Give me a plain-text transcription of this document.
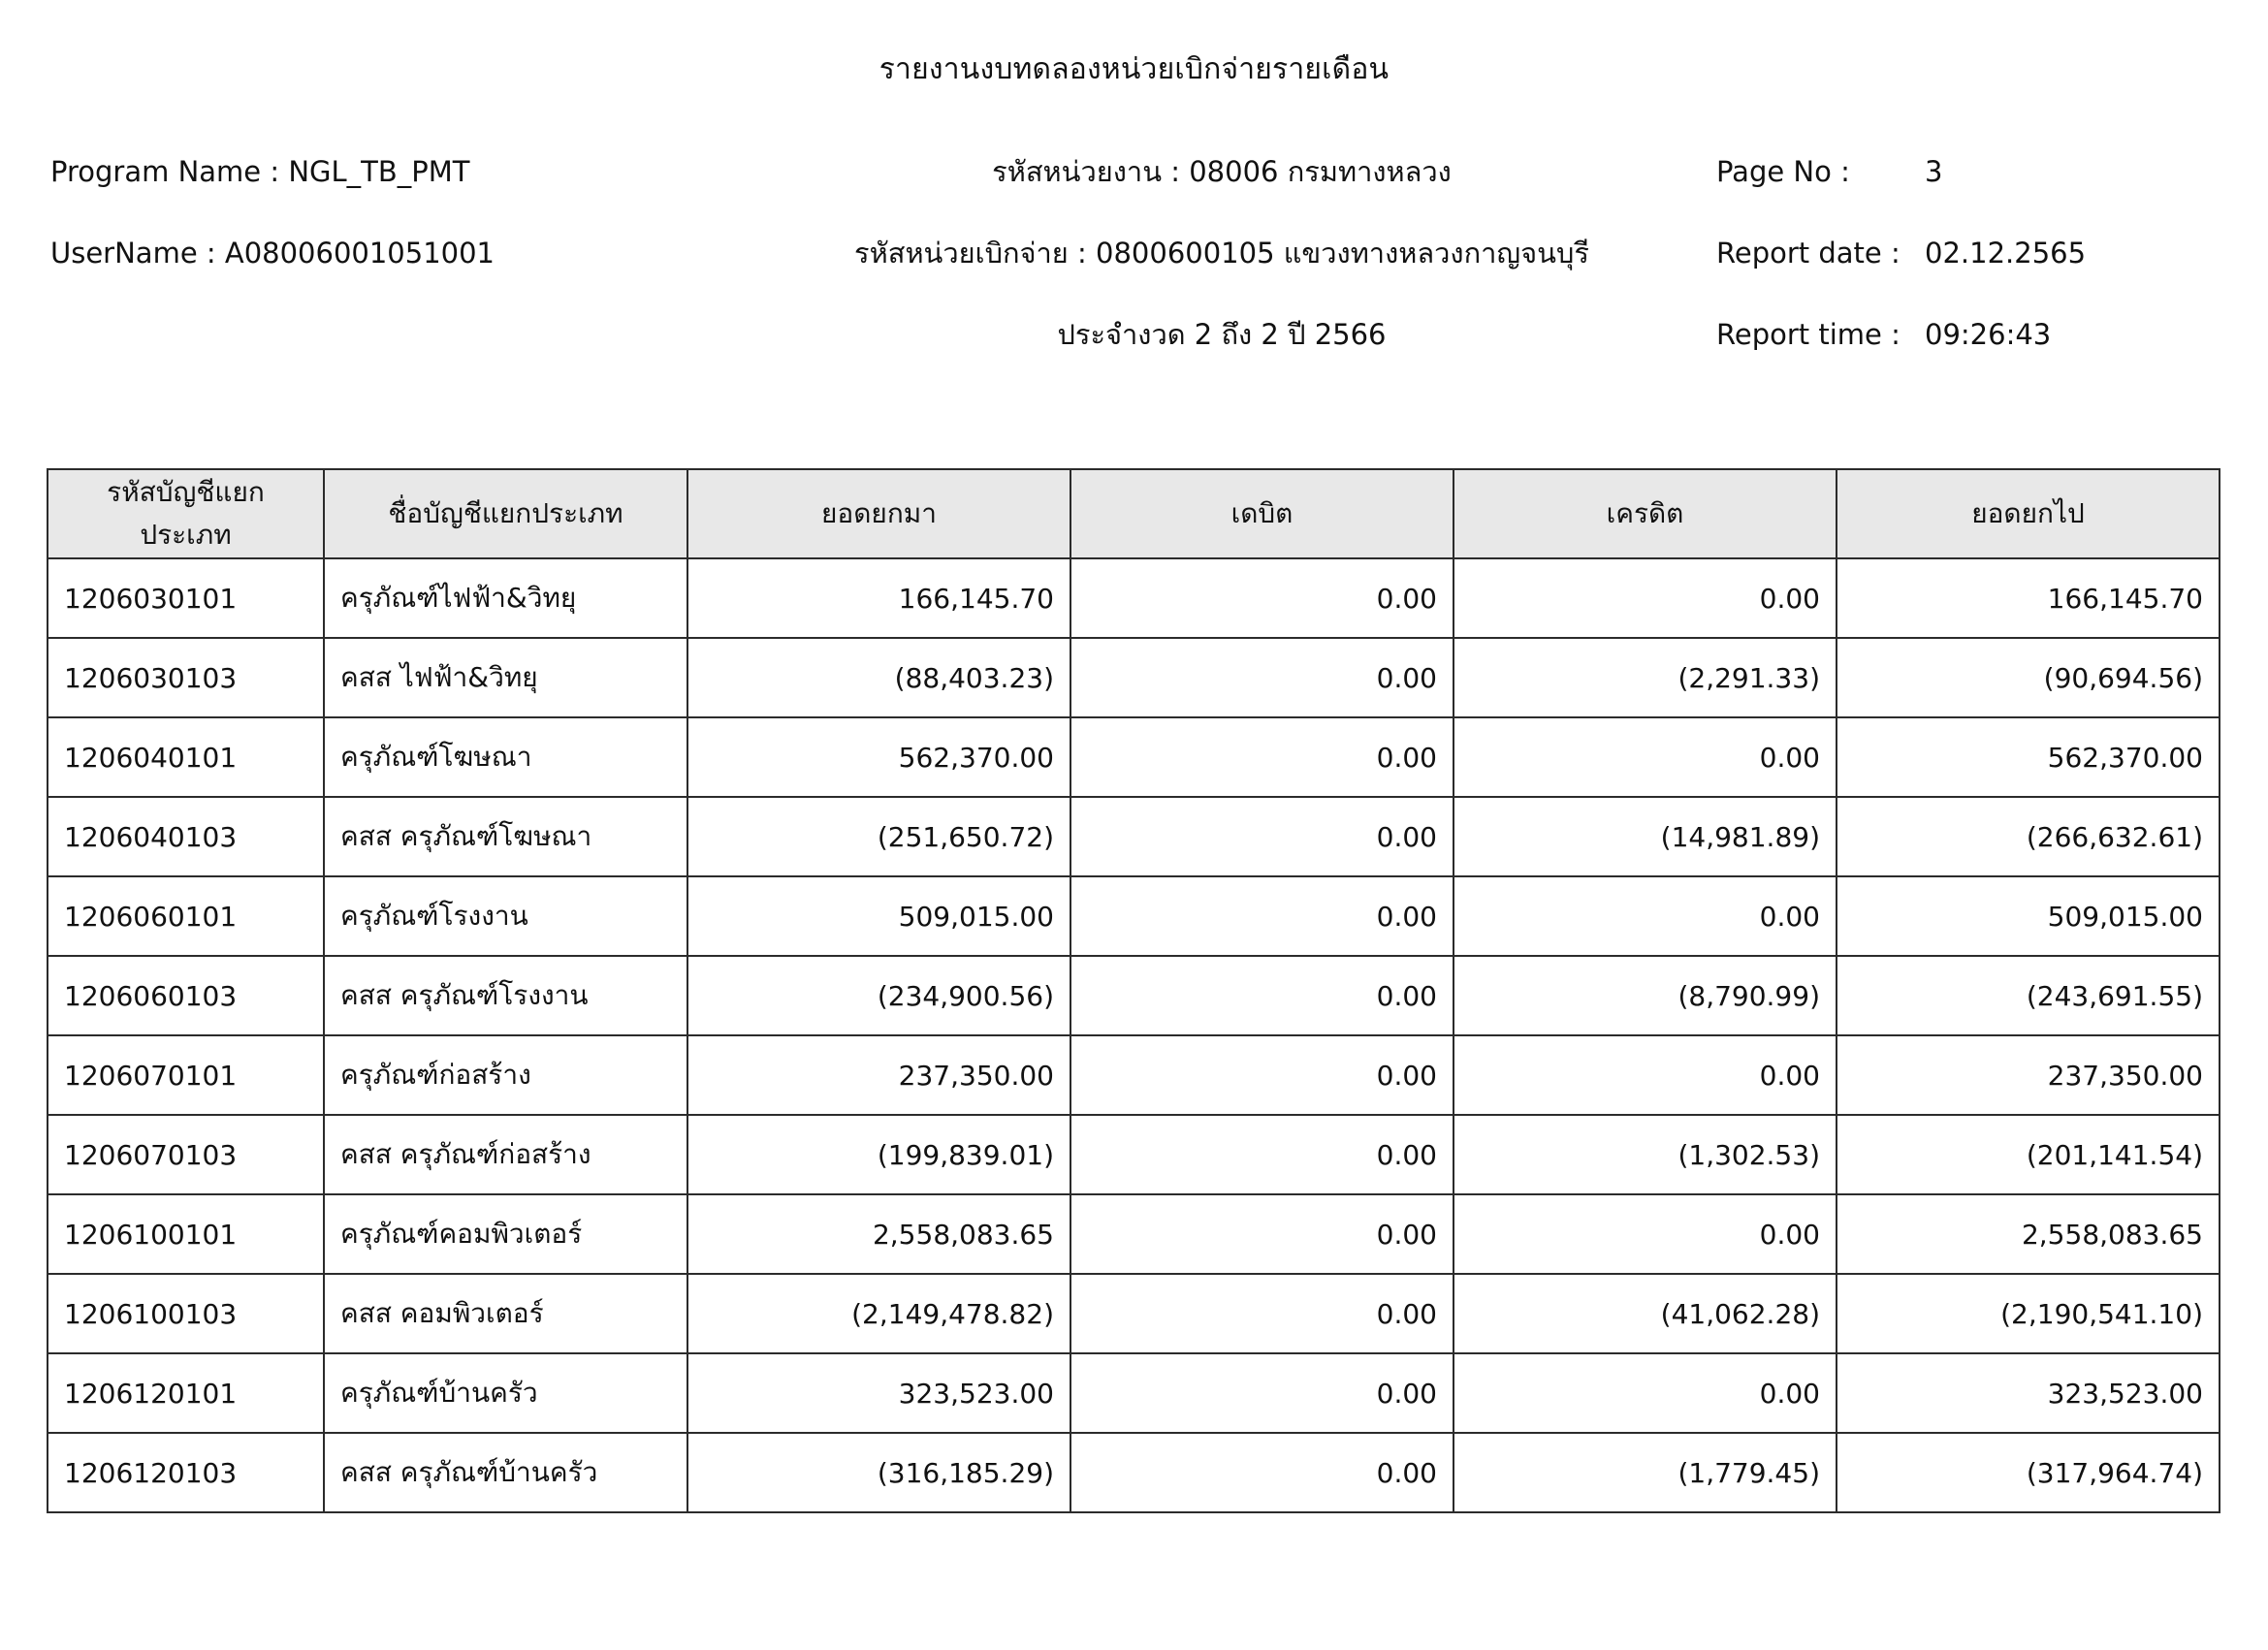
รายงานงบทดลองหน่วยเบิกจ่ายรายเดือน
Program Name : NGL_TB_PMT
UserName : A08006001051001
รหัสหน่วยงาน : 08006 กรมทางหลวง
รหัสหน่วยเบิกจ่าย : 0800600105 แขวงทางหลวงกาญจนบุรี
ประจำงวด 2 ถึง 2 ปี 2566
Page No :	3
Report date : 02.12.2565
Report time : 09:26:43
รหัสบัญชีแยกประเภท	ชื่อบัญชีแยกประเภท	ยอดยกมา	เดบิต	เครดิต	ยอดยกไป
1206030101	ครุภัณฑ์ไฟฟ้า&วิทยุ	166,145.70	0.00	0.00	166,145.70
1206030103	คสส ไฟฟ้า&วิทยุ	(88,403.23)	0.00	(2,291.33)	(90,694.56)
1206040101	ครุภัณฑ์โฆษณา	562,370.00	0.00	0.00	562,370.00
1206040103	คสส ครุภัณฑ์โฆษณา	(251,650.72)	0.00	(14,981.89)	(266,632.61)
1206060101	ครุภัณฑ์โรงงาน	509,015.00	0.00	0.00	509,015.00
1206060103	คสส ครุภัณฑ์โรงงาน	(234,900.56)	0.00	(8,790.99)	(243,691.55)
1206070101	ครุภัณฑ์ก่อสร้าง	237,350.00	0.00	0.00	237,350.00
1206070103	คสส ครุภัณฑ์ก่อสร้าง	(199,839.01)	0.00	(1,302.53)	(201,141.54)
1206100101	ครุภัณฑ์คอมพิวเตอร์	2,558,083.65	0.00	0.00	2,558,083.65
1206100103	คสส คอมพิวเตอร์	(2,149,478.82)	0.00	(41,062.28)	(2,190,541.10)
1206120101	ครุภัณฑ์บ้านครัว	323,523.00	0.00	0.00	323,523.00
1206120103	คสส ครุภัณฑ์บ้านครัว	(316,185.29)	0.00	(1,779.45)	(317,964.74)
